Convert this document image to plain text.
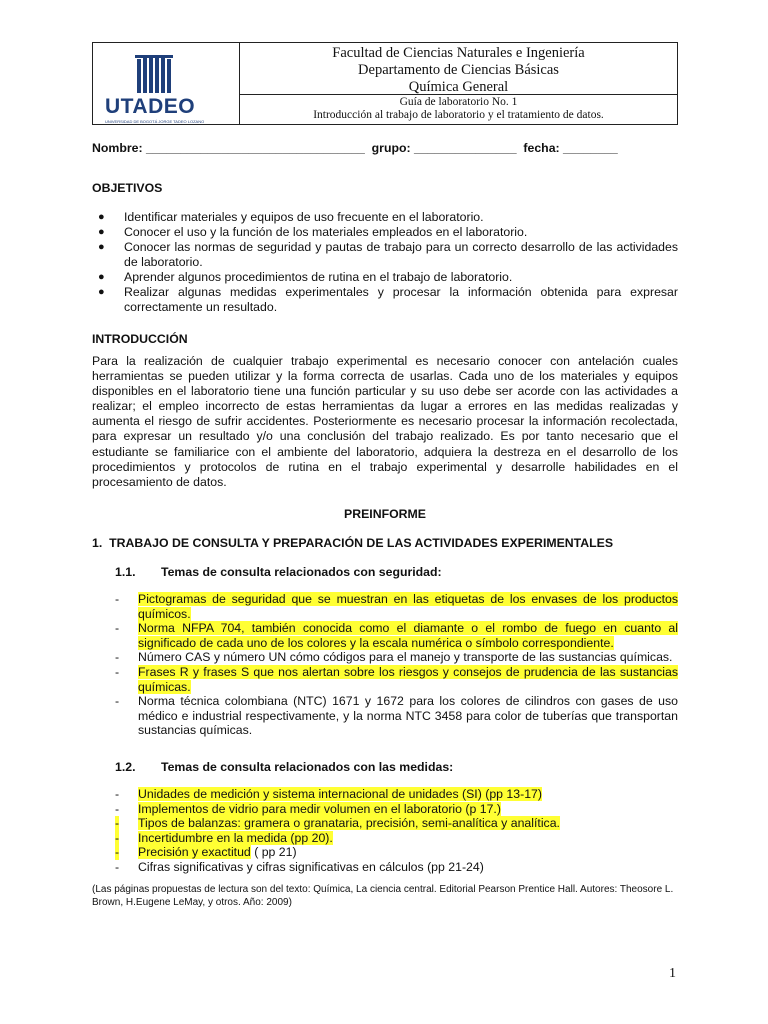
UTADEO
UNIVERSIDAD DE BOGOTÁ JORGE TADEO LOZANO
Facultad de Ciencias Naturales e Ingeniería
Departamento de Ciencias Básicas
Química General
Guía de laboratorio No. 1
Introducción al trabajo de laboratorio y el tratamiento de datos.
Nombre: ________________________________  grupo: _______________  fecha: ________
OBJETIVOS
● Identificar materiales y equipos de uso frecuente en el laboratorio.
● Conocer el uso y la función de los materiales empleados en el laboratorio.
● Conocer las normas de seguridad y pautas de trabajo para un correcto desarrollo de las actividades de laboratorio.
● Aprender algunos procedimientos de rutina en el trabajo de laboratorio.
● Realizar algunas medidas experimentales y procesar la información obtenida para expresar correctamente un resultado.
INTRODUCCIÓN
Para la realización de cualquier trabajo experimental es necesario conocer con antelación cuales herramientas se pueden utilizar y la forma correcta de usarlas. Cada uno de los materiales y equipos disponibles en el laboratorio tiene una función particular y su uso debe ser acorde con las actividades a realizar; el empleo incorrecto de estas herramientas da lugar a errores en las medidas realizadas y aumenta el riesgo de sufrir accidentes. Posteriormente es necesario procesar la información recolectada, para expresar un resultado y/o una conclusión del trabajo realizado. Es por tanto necesario que el estudiante se familiarice con el ambiente del laboratorio, adquiera la destreza en el desarrollo de los procedimientos y protocolos de rutina en el trabajo experimental y desarrolle habilidades en el procesamiento de datos.
PREINFORME
1.  TRABAJO DE CONSULTA Y PREPARACIÓN DE LAS ACTIVIDADES EXPERIMENTALES
1.1. Temas de consulta relacionados con seguridad:
- Pictogramas de seguridad que se muestran en las etiquetas de los envases de los productos químicos.
- Norma NFPA 704, también conocida como el diamante o el rombo de fuego en cuanto al significado de cada uno de los colores y la escala numérica o símbolo correspondiente.
- Número CAS y número UN cómo códigos para el manejo y transporte de las sustancias químicas.
- Frases R y frases S que nos alertan sobre los riesgos y consejos de prudencia de las sustancias químicas.
- Norma técnica colombiana (NTC) 1671 y 1672 para los colores de cilindros con gases de uso médico e industrial respectivamente, y la norma NTC 3458 para color de tuberías que transportan sustancias químicas.
1.2. Temas de consulta relacionados con las medidas:
- Unidades de medición y sistema internacional de unidades (SI) (pp 13-17)
- Implementos de vidrio para medir volumen en el laboratorio (p 17.)
- Tipos de balanzas: gramera o granataria, precisión, semi-analítica y analítica.
- Incertidumbre en la medida (pp 20).
- Precisión y exactitud ( pp 21)
- Cifras significativas y cifras significativas en cálculos (pp 21-24)
(Las páginas propuestas de lectura son del texto: Química, La ciencia central. Editorial Pearson Prentice Hall. Autores: Theosore L. Brown, H.Eugene LeMay, y otros. Año: 2009)
1
